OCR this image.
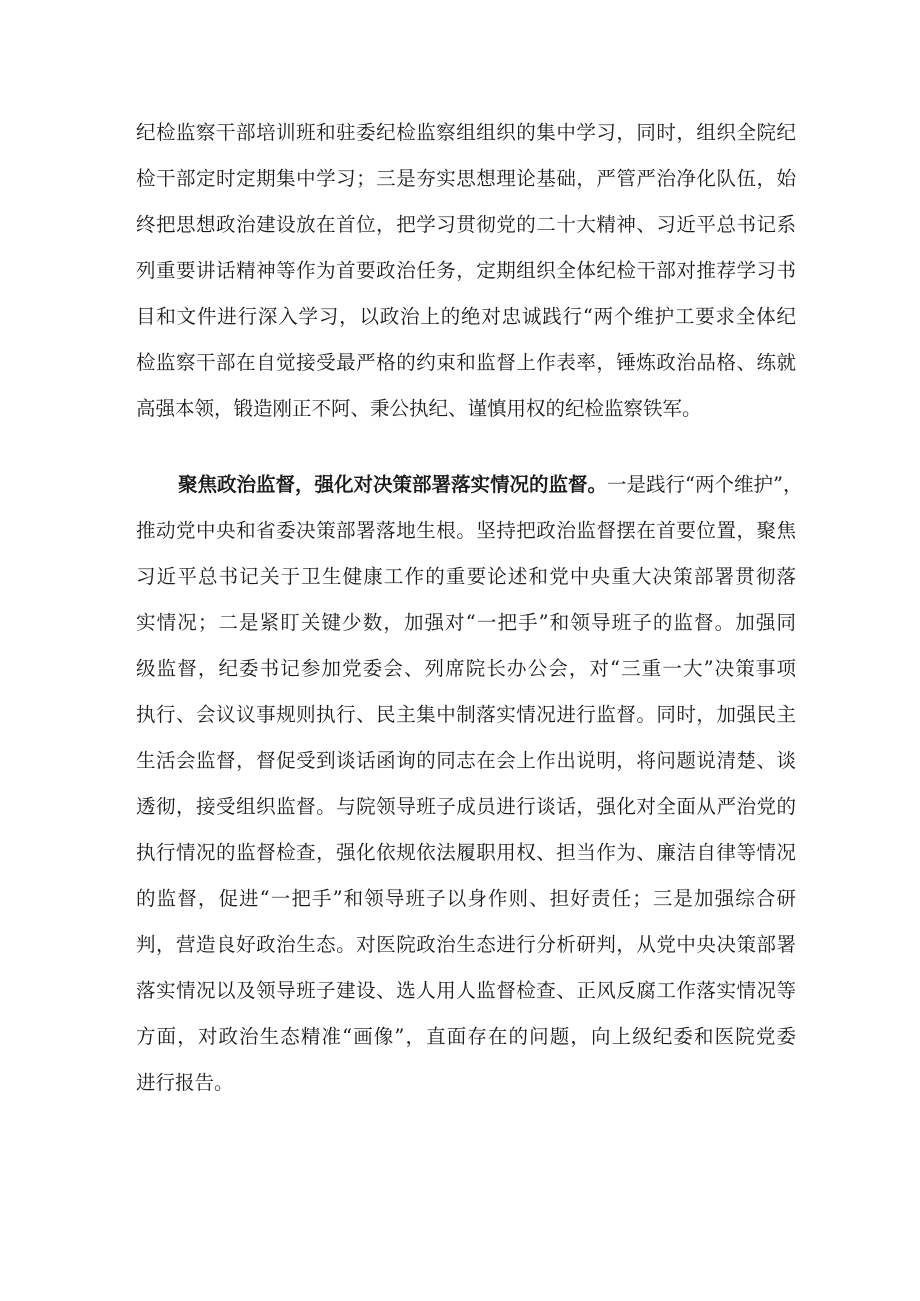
纪检监察干部培训班和驻委纪检监察组组织的集中学习，同时，组织全院纪
检干部定时定期集中学习；三是夯实思想理论基础，严管严治净化队伍，始
终把思想政治建设放在首位，把学习贯彻党的二十大精神、习近平总书记系
列重要讲话精神等作为首要政治任务，定期组织全体纪检干部对推荐学习书
目和文件进行深入学习，以政治上的绝对忠诚践行“两个维护工要求全体纪
检监察干部在自觉接受最严格的约束和监督上作表率，锤炼政治品格、练就
高强本领，锻造刚正不阿、秉公执纪、谨慎用权的纪检监察铁军。
聚焦政治监督，强化对决策部署落实情况的监督。一是践行“两个维护”，
推动党中央和省委决策部署落地生根。坚持把政治监督摆在首要位置，聚焦
习近平总书记关于卫生健康工作的重要论述和党中央重大决策部署贯彻落
实情况；二是紧盯关键少数，加强对“一把手”和领导班子的监督。加强同
级监督，纪委书记参加党委会、列席院长办公会，对“三重一大”决策事项
执行、会议议事规则执行、民主集中制落实情况进行监督。同时，加强民主
生活会监督，督促受到谈话函询的同志在会上作出说明，将问题说清楚、谈
透彻，接受组织监督。与院领导班子成员进行谈话，强化对全面从严治党的
执行情况的监督检查，强化依规依法履职用权、担当作为、廉洁自律等情况
的监督，促进“一把手”和领导班子以身作则、担好责任；三是加强综合研
判，营造良好政治生态。对医院政治生态进行分析研判，从党中央决策部署
落实情况以及领导班子建设、选人用人监督检查、正风反腐工作落实情况等
方面，对政治生态精准“画像”，直面存在的问题，向上级纪委和医院党委
进行报告。
